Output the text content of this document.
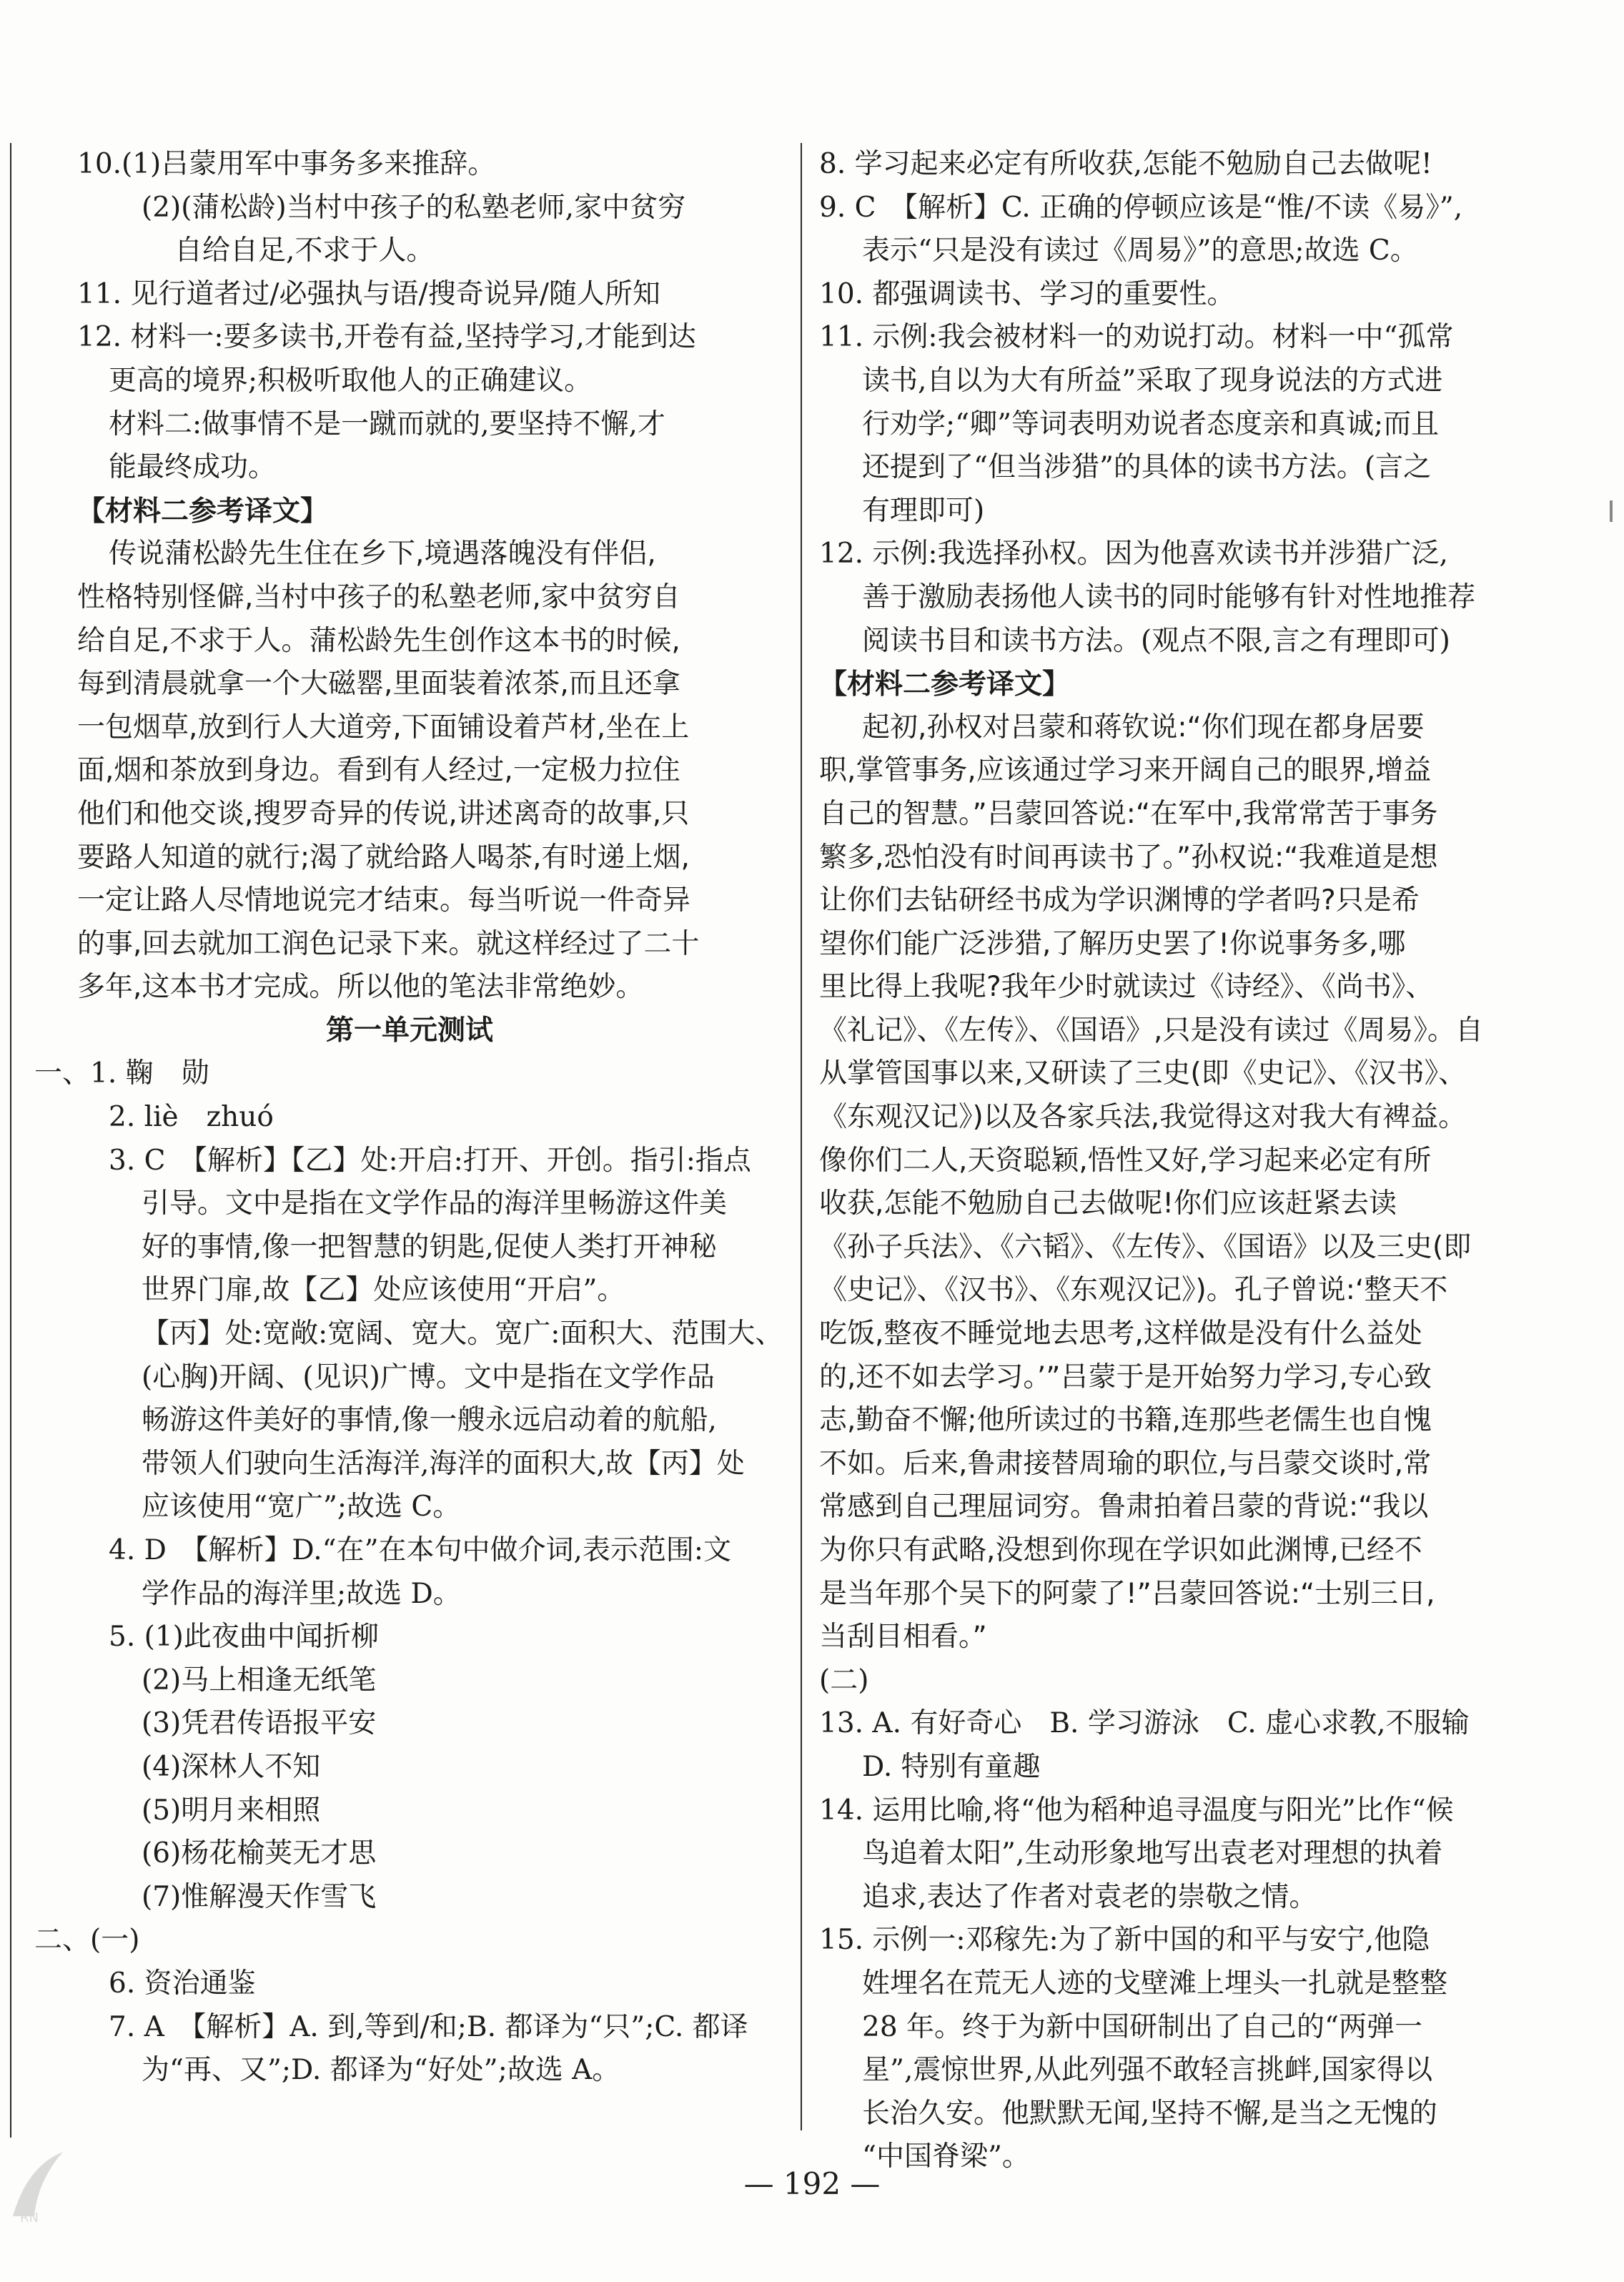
10.(1)吕蒙用军中事务多来推辞。
(2)(蒲松龄)当村中孩子的私塾老师,家中贫穷
自给自足,不求于人。
11. 见行道者过/必强执与语/搜奇说异/随人所知
12. 材料一:要多读书,开卷有益,坚持学习,才能到达
更高的境界;积极听取他人的正确建议。
材料二:做事情不是一蹴而就的,要坚持不懈,才
能最终成功。
【材料二参考译文】
传说蒲松龄先生住在乡下,境遇落魄没有伴侣,
性格特别怪僻,当村中孩子的私塾老师,家中贫穷自
给自足,不求于人。蒲松龄先生创作这本书的时候,
每到清晨就拿一个大磁罂,里面装着浓茶,而且还拿
一包烟草,放到行人大道旁,下面铺设着芦材,坐在上
面,烟和茶放到身边。看到有人经过,一定极力拉住
他们和他交谈,搜罗奇异的传说,讲述离奇的故事,只
要路人知道的就行;渴了就给路人喝茶,有时递上烟,
一定让路人尽情地说完才结束。每当听说一件奇异
的事,回去就加工润色记录下来。就这样经过了二十
多年,这本书才完成。所以他的笔法非常绝妙。
第一单元测试
一、1. 鞠　勋
2. liè　zhuó
3. C　【解析】【乙】处:开启:打开、开创。指引:指点
引导。文中是指在文学作品的海洋里畅游这件美
好的事情,像一把智慧的钥匙,促使人类打开神秘
世界门扉,故【乙】处应该使用“开启”。
【丙】处:宽敞:宽阔、宽大。宽广:面积大、范围大、
(心胸)开阔、(见识)广博。文中是指在文学作品
畅游这件美好的事情,像一艘永远启动着的航船,
带领人们驶向生活海洋,海洋的面积大,故【丙】处
应该使用“宽广”;故选 C。
4. D　【解析】D.“在”在本句中做介词,表示范围:文
学作品的海洋里;故选 D。
5. (1)此夜曲中闻折柳
(2)马上相逢无纸笔
(3)凭君传语报平安
(4)深林人不知
(5)明月来相照
(6)杨花榆荚无才思
(7)惟解漫天作雪飞
二、(一)
6. 资治通鉴
7. A　【解析】A. 到,等到/和;B. 都译为“只”;C. 都译
为“再、又”;D. 都译为“好处”;故选 A。
8. 学习起来必定有所收获,怎能不勉励自己去做呢!
9. C　【解析】C. 正确的停顿应该是“惟/不读《易》”,
表示“只是没有读过《周易》”的意思;故选 C。
10. 都强调读书、学习的重要性。
11. 示例:我会被材料一的劝说打动。材料一中“孤常
读书,自以为大有所益”采取了现身说法的方式进
行劝学;“卿”等词表明劝说者态度亲和真诚;而且
还提到了“但当涉猎”的具体的读书方法。(言之
有理即可)
12. 示例:我选择孙权。因为他喜欢读书并涉猎广泛,
善于激励表扬他人读书的同时能够有针对性地推荐
阅读书目和读书方法。(观点不限,言之有理即可)
【材料二参考译文】
起初,孙权对吕蒙和蒋钦说:“你们现在都身居要
职,掌管事务,应该通过学习来开阔自己的眼界,增益
自己的智慧。”吕蒙回答说:“在军中,我常常苦于事务
繁多,恐怕没有时间再读书了。”孙权说:“我难道是想
让你们去钻研经书成为学识渊博的学者吗?只是希
望你们能广泛涉猎,了解历史罢了!你说事务多,哪
里比得上我呢?我年少时就读过《诗经》、《尚书》、
《礼记》、《左传》、《国语》,只是没有读过《周易》。自
从掌管国事以来,又研读了三史(即《史记》、《汉书》、
《东观汉记》)以及各家兵法,我觉得这对我大有裨益。
像你们二人,天资聪颖,悟性又好,学习起来必定有所
收获,怎能不勉励自己去做呢!你们应该赶紧去读
《孙子兵法》、《六韬》、《左传》、《国语》以及三史(即
《史记》、《汉书》、《东观汉记》)。孔子曾说:‘整天不
吃饭,整夜不睡觉地去思考,这样做是没有什么益处
的,还不如去学习。’”吕蒙于是开始努力学习,专心致
志,勤奋不懈;他所读过的书籍,连那些老儒生也自愧
不如。后来,鲁肃接替周瑜的职位,与吕蒙交谈时,常
常感到自己理屈词穷。鲁肃拍着吕蒙的背说:“我以
为你只有武略,没想到你现在学识如此渊博,已经不
是当年那个吴下的阿蒙了!”吕蒙回答说:“士别三日,
当刮目相看。”
(二)
13. A. 有好奇心　B. 学习游泳　C. 虚心求教,不服输
D. 特别有童趣
14. 运用比喻,将“他为稻种追寻温度与阳光”比作“候
鸟追着太阳”,生动形象地写出袁老对理想的执着
追求,表达了作者对袁老的崇敬之情。
15. 示例一:邓稼先:为了新中国的和平与安宁,他隐
姓埋名在荒无人迹的戈壁滩上埋头一扎就是整整
28 年。终于为新中国研制出了自己的“两弹一
星”,震惊世界,从此列强不敢轻言挑衅,国家得以
长治久安。他默默无闻,坚持不懈,是当之无愧的
“中国脊梁”。
— 192 —
RN
